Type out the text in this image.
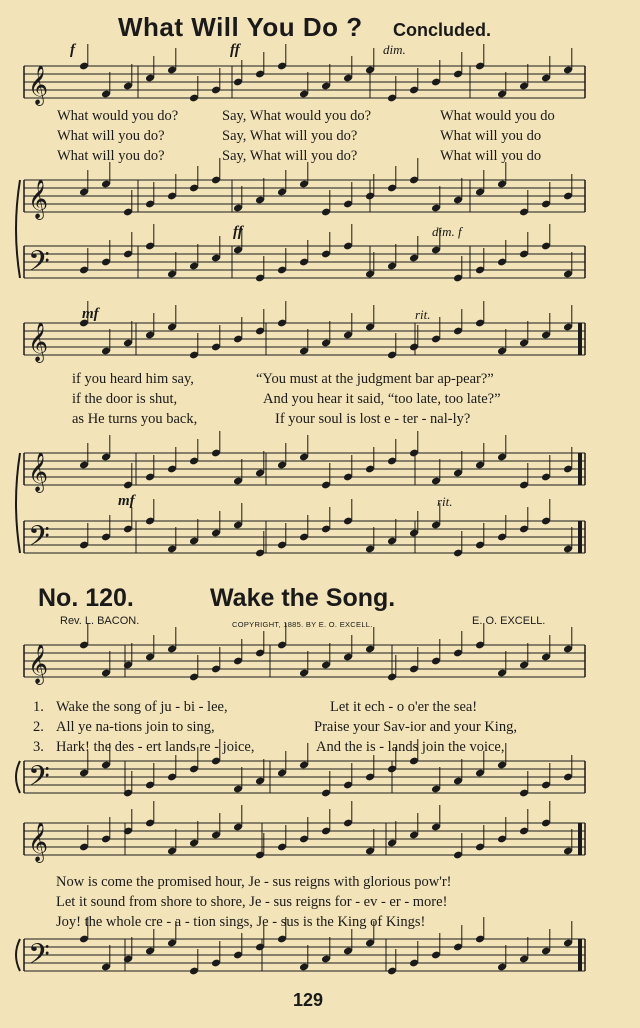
𝄞
𝄞
𝄢
𝄞
𝄞
𝄢
𝄞
𝄢
𝄞
𝄢
What Will You Do ? Concluded.
f	ff	dim.
What would you do?	Say, What would you do?	What would you do
What will you do?	Say, What will you do?	What will you do
What will you do?	Say, What will you do?	What will you do
ff	dim. f
mf	rit.
if you heard him say,	“You must at the judgment bar ap-pear?”
if the door is shut,	And you hear it said, “too late, too late?”
as He turns you back,	If your soul is lost e - ter - nal-ly?
mf	rit.
No. 120.	Wake the Song.
Rev. L. BACON.	COPYRIGHT, 1885. BY E. O. EXCELL.	E. O. EXCELL.
1. Wake the song of ju - bi - lee,	Let it ech - o o'er the sea!
2. All ye na-tions join to sing,	Praise your Sav-ior and your King,
3. Hark! the des - ert lands re - joice,	And the is - lands join the voice,
Now is come the promised hour, Je - sus reigns with glorious pow'r!
Let it sound from shore to shore, Je - sus reigns for - ev - er - more!
Joy! the whole cre - a - tion sings, Je - sus is the King of Kings!
129
